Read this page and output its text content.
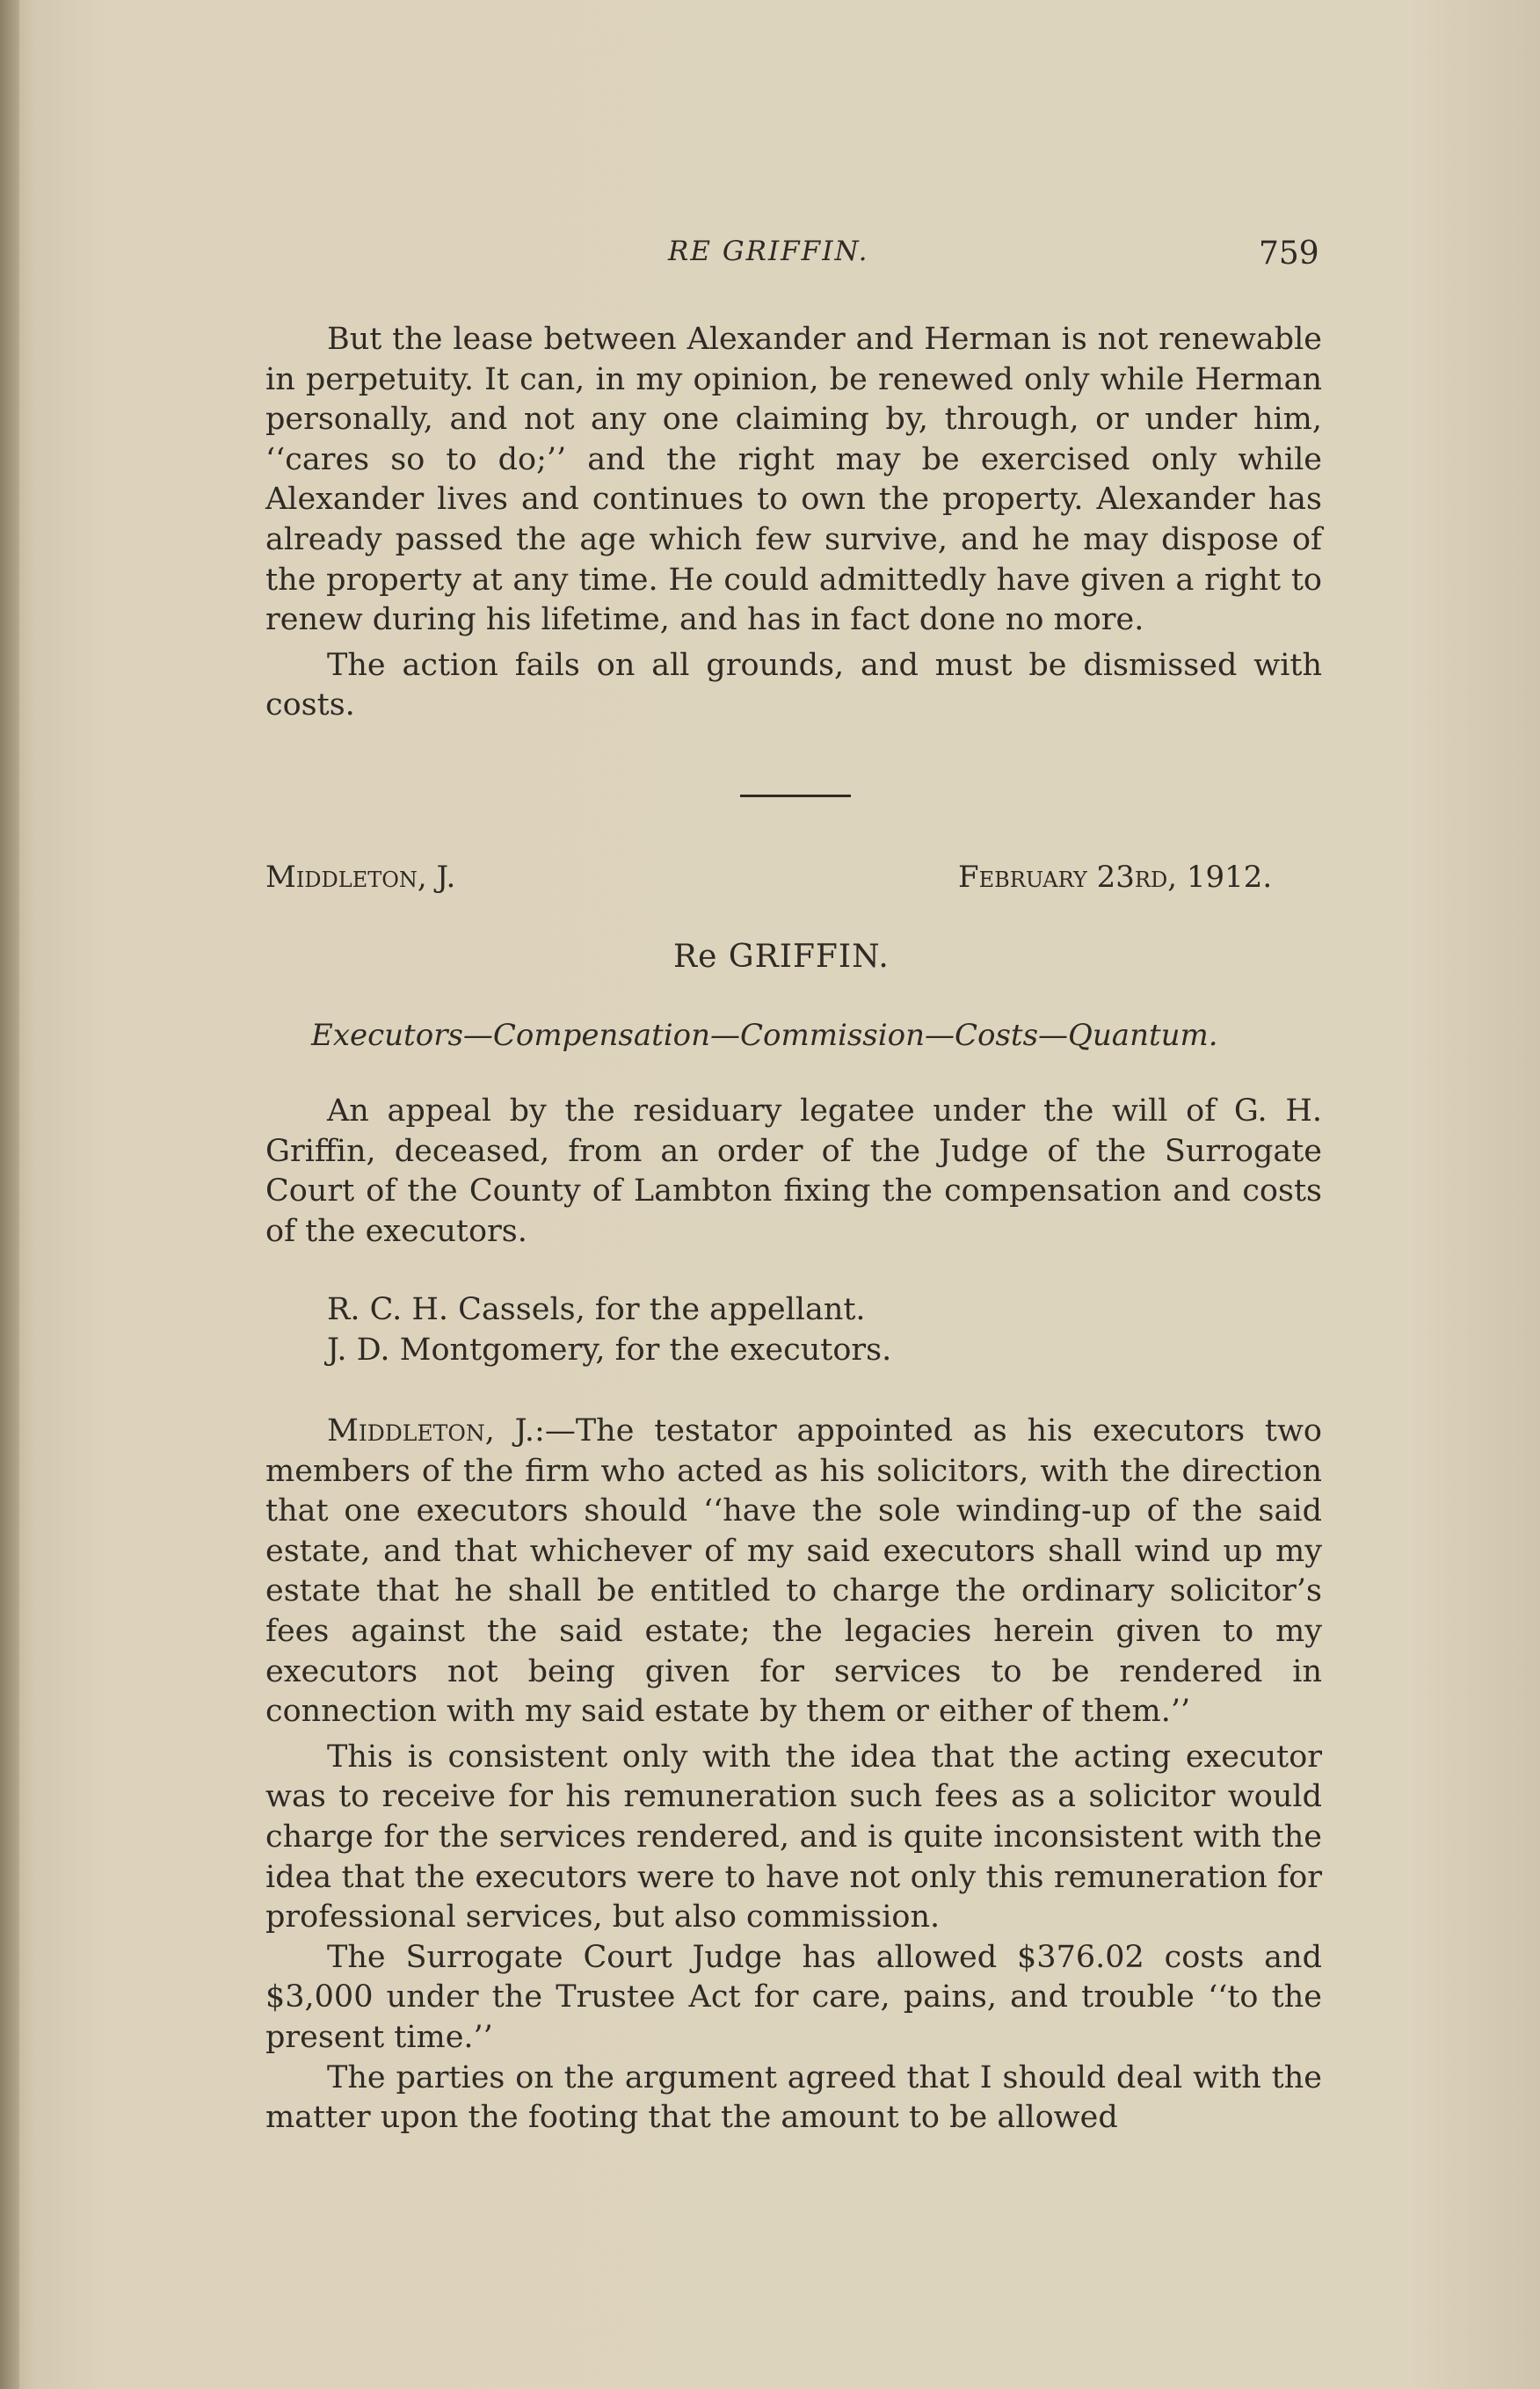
RE GRIFFIN.	759

But the lease between Alexander and Herman is not renewable in perpetuity. It can, in my opinion, be renewed only while Herman personally, and not any one claiming by, through, or under him, ‘‘cares so to do;’’ and the right may be exercised only while Alexander lives and continues to own the property. Alexander has already passed the age which few survive, and he may dispose of the property at any time. He could admittedly have given a right to renew during his lifetime, and has in fact done no more.

The action fails on all grounds, and must be dismissed with costs.

Middleton, J.	February 23rd, 1912.
Re GRIFFIN.
Executors—Compensation—Commission—Costs—Quantum.

An appeal by the residuary legatee under the will of G. H. Griffin, deceased, from an order of the Judge of the Surrogate Court of the County of Lambton fixing the compensation and costs of the executors.

R. C. H. Cassels, for the appellant.
J. D. Montgomery, for the executors.

Middleton, J.:—The testator appointed as his executors two members of the firm who acted as his solicitors, with the direction that one executors should ‘‘have the sole winding-up of the said estate, and that whichever of my said executors shall wind up my estate that he shall be entitled to charge the ordinary solicitor’s fees against the said estate; the legacies herein given to my executors not being given for services to be rendered in connection with my said estate by them or either of them.’’

This is consistent only with the idea that the acting executor was to receive for his remuneration such fees as a solicitor would charge for the services rendered, and is quite inconsistent with the idea that the executors were to have not only this remuneration for professional services, but also commission.

The Surrogate Court Judge has allowed $376.02 costs and $3,000 under the Trustee Act for care, pains, and trouble ‘‘to the present time.’’

The parties on the argument agreed that I should deal with the matter upon the footing that the amount to be allowed
